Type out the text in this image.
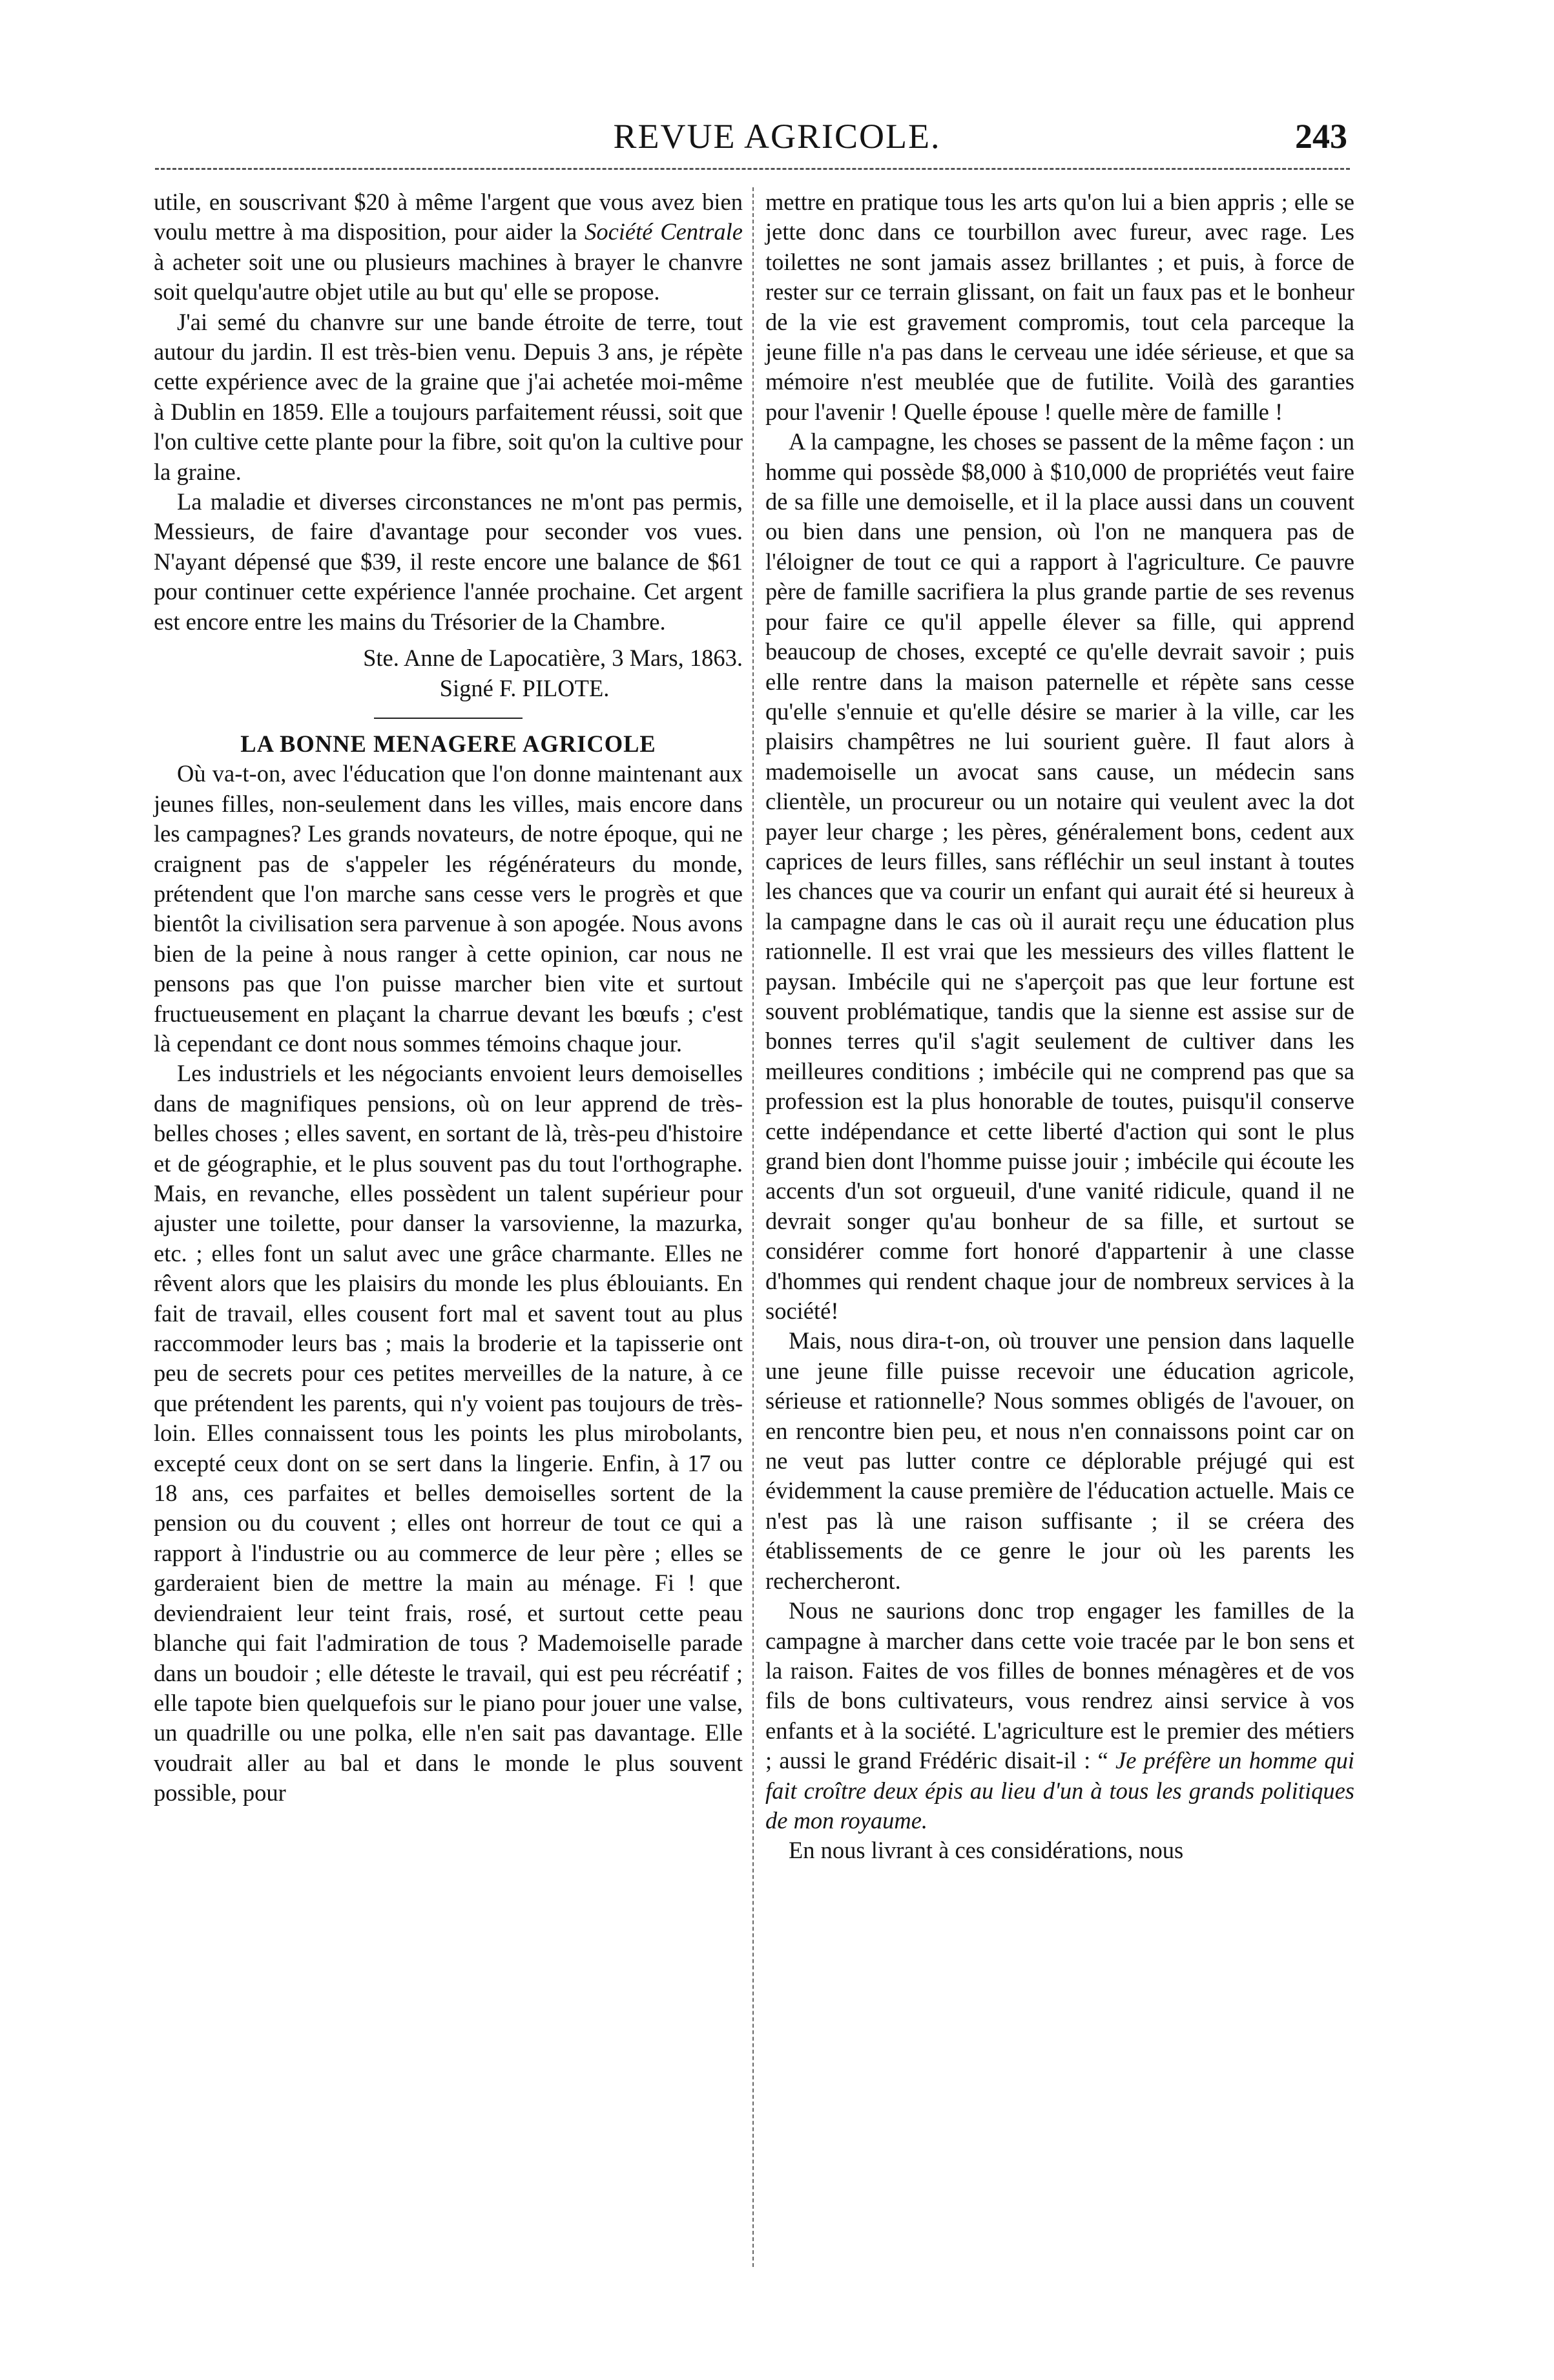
REVUE AGRICOLE.	243

utile, en souscrivant $20 à même l'argent que vous avez bien voulu mettre à ma disposition, pour aider la Société Centrale à acheter soit une ou plusieurs machines à brayer le chanvre soit quelqu'autre objet utile au but qu' elle se propose.

J'ai semé du chanvre sur une bande étroite de terre, tout autour du jardin. Il est très-bien venu. Depuis 3 ans, je répète cette expérience avec de la graine que j'ai achetée moi-même à Dublin en 1859. Elle a toujours parfaitement réussi, soit que l'on cultive cette plante pour la fibre, soit qu'on la cultive pour la graine.

La maladie et diverses circonstances ne m'ont pas permis, Messieurs, de faire d'avantage pour seconder vos vues. N'ayant dépensé que $39, il reste encore une balance de $61 pour continuer cette expérience l'année prochaine. Cet argent est encore entre les mains du Trésorier de la Chambre.

Ste. Anne de Lapocatière, 3 Mars, 1863.

Signé F. PILOTE.

LA BONNE MENAGERE AGRICOLE

Où va-t-on, avec l'éducation que l'on donne maintenant aux jeunes filles, non-seulement dans les villes, mais encore dans les campagnes? Les grands novateurs, de notre époque, qui ne craignent pas de s'appeler les régénérateurs du monde, prétendent que l'on marche sans cesse vers le progrès et que bientôt la civilisation sera parvenue à son apogée. Nous avons bien de la peine à nous ranger à cette opinion, car nous ne pensons pas que l'on puisse marcher bien vite et surtout fructueusement en plaçant la charrue devant les bœufs ; c'est là cependant ce dont nous sommes témoins chaque jour.

Les industriels et les négociants envoient leurs demoiselles dans de magnifiques pensions, où on leur apprend de très-belles choses ; elles savent, en sortant de là, très-peu d'histoire et de géographie, et le plus souvent pas du tout l'orthographe. Mais, en revanche, elles possèdent un talent supérieur pour ajuster une toilette, pour danser la varsovienne, la mazurka, etc. ; elles font un salut avec une grâce charmante. Elles ne rêvent alors que les plaisirs du monde les plus éblouiants. En fait de travail, elles cousent fort mal et savent tout au plus raccommoder leurs bas ; mais la broderie et la tapisserie ont peu de secrets pour ces petites merveilles de la nature, à ce que prétendent les parents, qui n'y voient pas toujours de très-loin. Elles connaissent tous les points les plus mirobolants, excepté ceux dont on se sert dans la lingerie. Enfin, à 17 ou 18 ans, ces parfaites et belles demoiselles sortent de la pension ou du couvent ; elles ont horreur de tout ce qui a rapport à l'industrie ou au commerce de leur père ; elles se garderaient bien de mettre la main au ménage. Fi ! que deviendraient leur teint frais, rosé, et surtout cette peau blanche qui fait l'admiration de tous ? Mademoiselle parade dans un boudoir ; elle déteste le travail, qui est peu récréatif ; elle tapote bien quelquefois sur le piano pour jouer une valse, un quadrille ou une polka, elle n'en sait pas davantage. Elle voudrait aller au bal et dans le monde le plus souvent possible, pour

mettre en pratique tous les arts qu'on lui a bien appris ; elle se jette donc dans ce tourbillon avec fureur, avec rage. Les toilettes ne sont jamais assez brillantes ; et puis, à force de rester sur ce terrain glissant, on fait un faux pas et le bonheur de la vie est gravement compromis, tout cela parceque la jeune fille n'a pas dans le cerveau une idée sérieuse, et que sa mémoire n'est meublée que de futilite. Voilà des garanties pour l'avenir ! Quelle épouse ! quelle mère de famille !

A la campagne, les choses se passent de la même façon : un homme qui possède $8,000 à $10,000 de propriétés veut faire de sa fille une demoiselle, et il la place aussi dans un couvent ou bien dans une pension, où l'on ne manquera pas de l'éloigner de tout ce qui a rapport à l'agriculture. Ce pauvre père de famille sacrifiera la plus grande partie de ses revenus pour faire ce qu'il appelle élever sa fille, qui apprend beaucoup de choses, excepté ce qu'elle devrait savoir ; puis elle rentre dans la maison paternelle et répète sans cesse qu'elle s'ennuie et qu'elle désire se marier à la ville, car les plaisirs champêtres ne lui sourient guère. Il faut alors à mademoiselle un avocat sans cause, un médecin sans clientèle, un procureur ou un notaire qui veulent avec la dot payer leur charge ; les pères, généralement bons, cedent aux caprices de leurs filles, sans réfléchir un seul instant à toutes les chances que va courir un enfant qui aurait été si heureux à la campagne dans le cas où il aurait reçu une éducation plus rationnelle. Il est vrai que les messieurs des villes flattent le paysan. Imbécile qui ne s'aperçoit pas que leur fortune est souvent problématique, tandis que la sienne est assise sur de bonnes terres qu'il s'agit seulement de cultiver dans les meilleures conditions ; imbécile qui ne comprend pas que sa profession est la plus honorable de toutes, puisqu'il conserve cette indépendance et cette liberté d'action qui sont le plus grand bien dont l'homme puisse jouir ; imbécile qui écoute les accents d'un sot orgueuil, d'une vanité ridicule, quand il ne devrait songer qu'au bonheur de sa fille, et surtout se considérer comme fort honoré d'appartenir à une classe d'hommes qui rendent chaque jour de nombreux services à la société!

Mais, nous dira-t-on, où trouver une pension dans laquelle une jeune fille puisse recevoir une éducation agricole, sérieuse et rationnelle? Nous sommes obligés de l'avouer, on en rencontre bien peu, et nous n'en connaissons point car on ne veut pas lutter contre ce déplorable préjugé qui est évidemment la cause première de l'éducation actuelle. Mais ce n'est pas là une raison suffisante ; il se créera des établissements de ce genre le jour où les parents les rechercheront.

Nous ne saurions donc trop engager les familles de la campagne à marcher dans cette voie tracée par le bon sens et la raison. Faites de vos filles de bonnes ménagères et de vos fils de bons cultivateurs, vous rendrez ainsi service à vos enfants et à la société. L'agriculture est le premier des métiers ; aussi le grand Frédéric disait-il : “ Je préfère un homme qui fait croître deux épis au lieu d'un à tous les grands politiques de mon royaume.

En nous livrant à ces considérations, nous
